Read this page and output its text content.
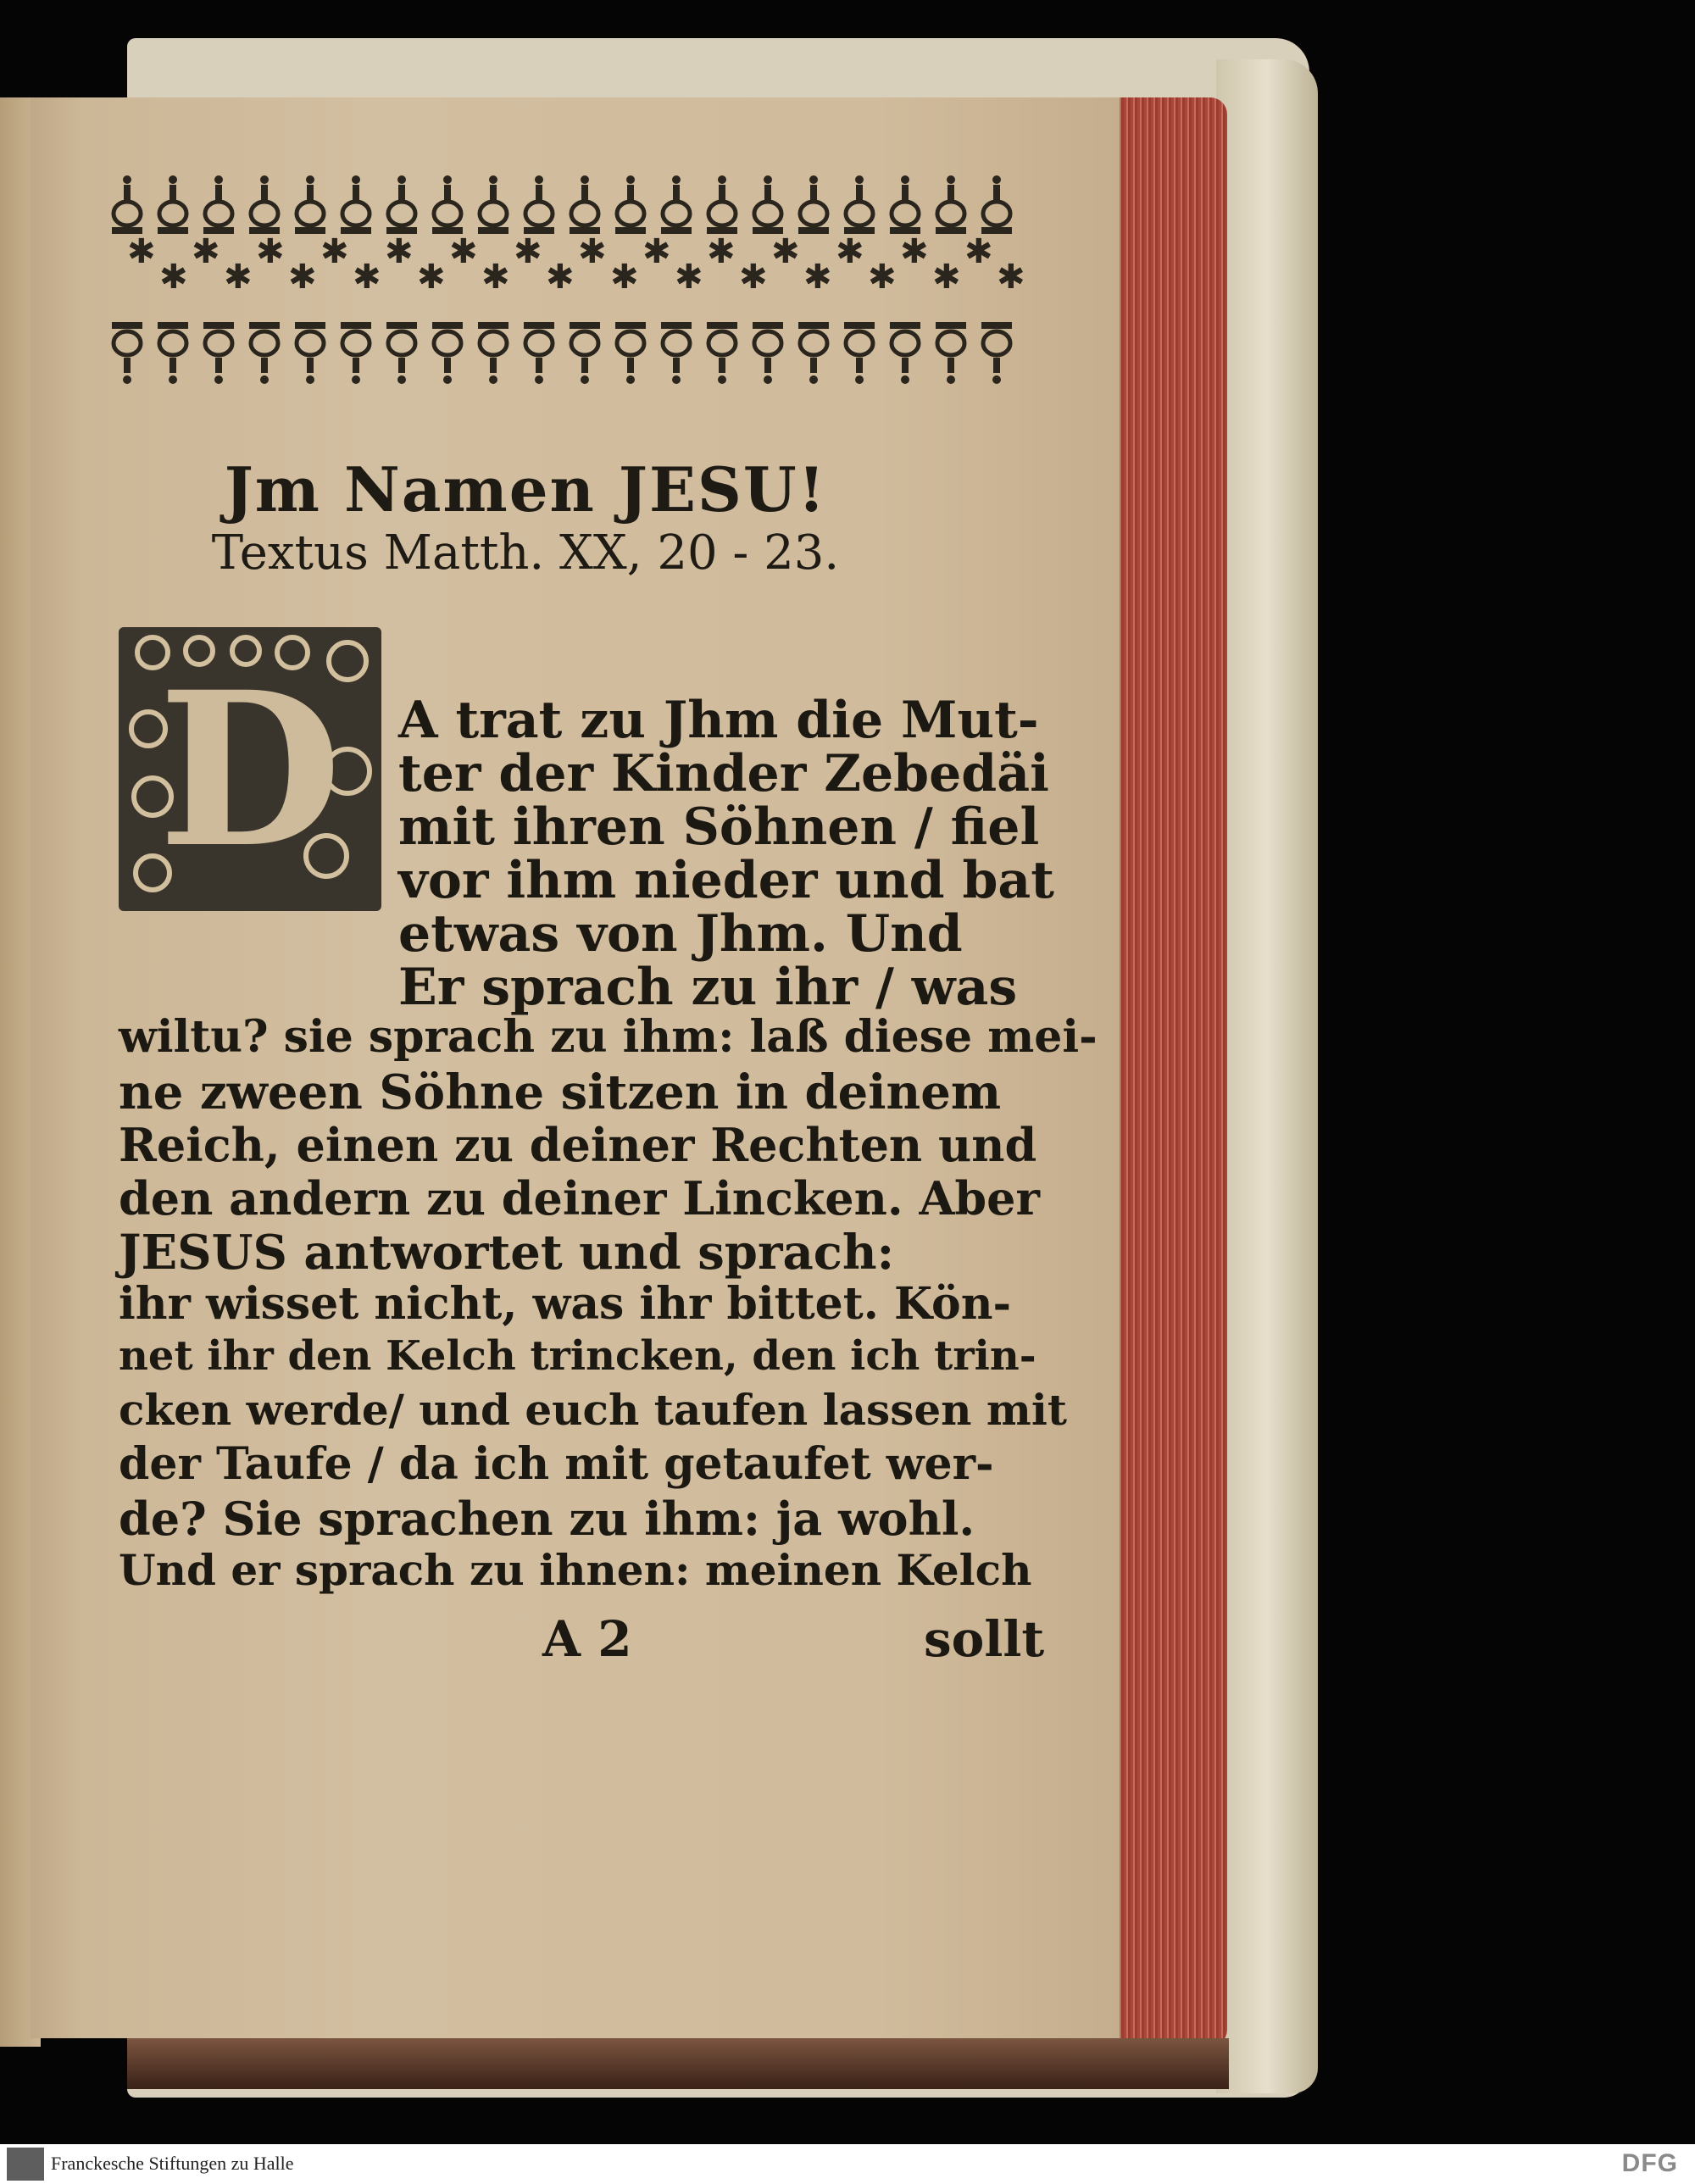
✱
✱
✱
✱
✱
✱
✱
✱
✱
✱
✱
✱
✱
✱
✱
✱
✱
✱
✱
✱
✱
✱
✱
✱
✱
✱
✱
✱
Jm Namen JESU!
Textus Matth. XX, 20 - 23.
D	A trat zu Jhm die Mut-
ter der Kinder Zebedäi
mit ihren Söhnen / fiel
vor ihm nieder und bat
etwas von Jhm. Und
Er sprach zu ihr / was
wiltu? sie sprach zu ihm: laß diese mei-
ne zween Söhne sitzen in deinem
Reich, einen zu deiner Rechten und
den andern zu deiner Lincken. Aber
JESUS antwortet und sprach:
ihr wisset nicht, was ihr bittet. Kön-
net ihr den Kelch trincken, den ich trin-
cken werde/ und euch taufen lassen mit
der Taufe / da ich mit getaufet wer-
de? Sie sprachen zu ihm: ja wohl.
Und er sprach zu ihnen: meinen Kelch
A 2	sollt
Franckesche Stiftungen zu Halle	DFG
